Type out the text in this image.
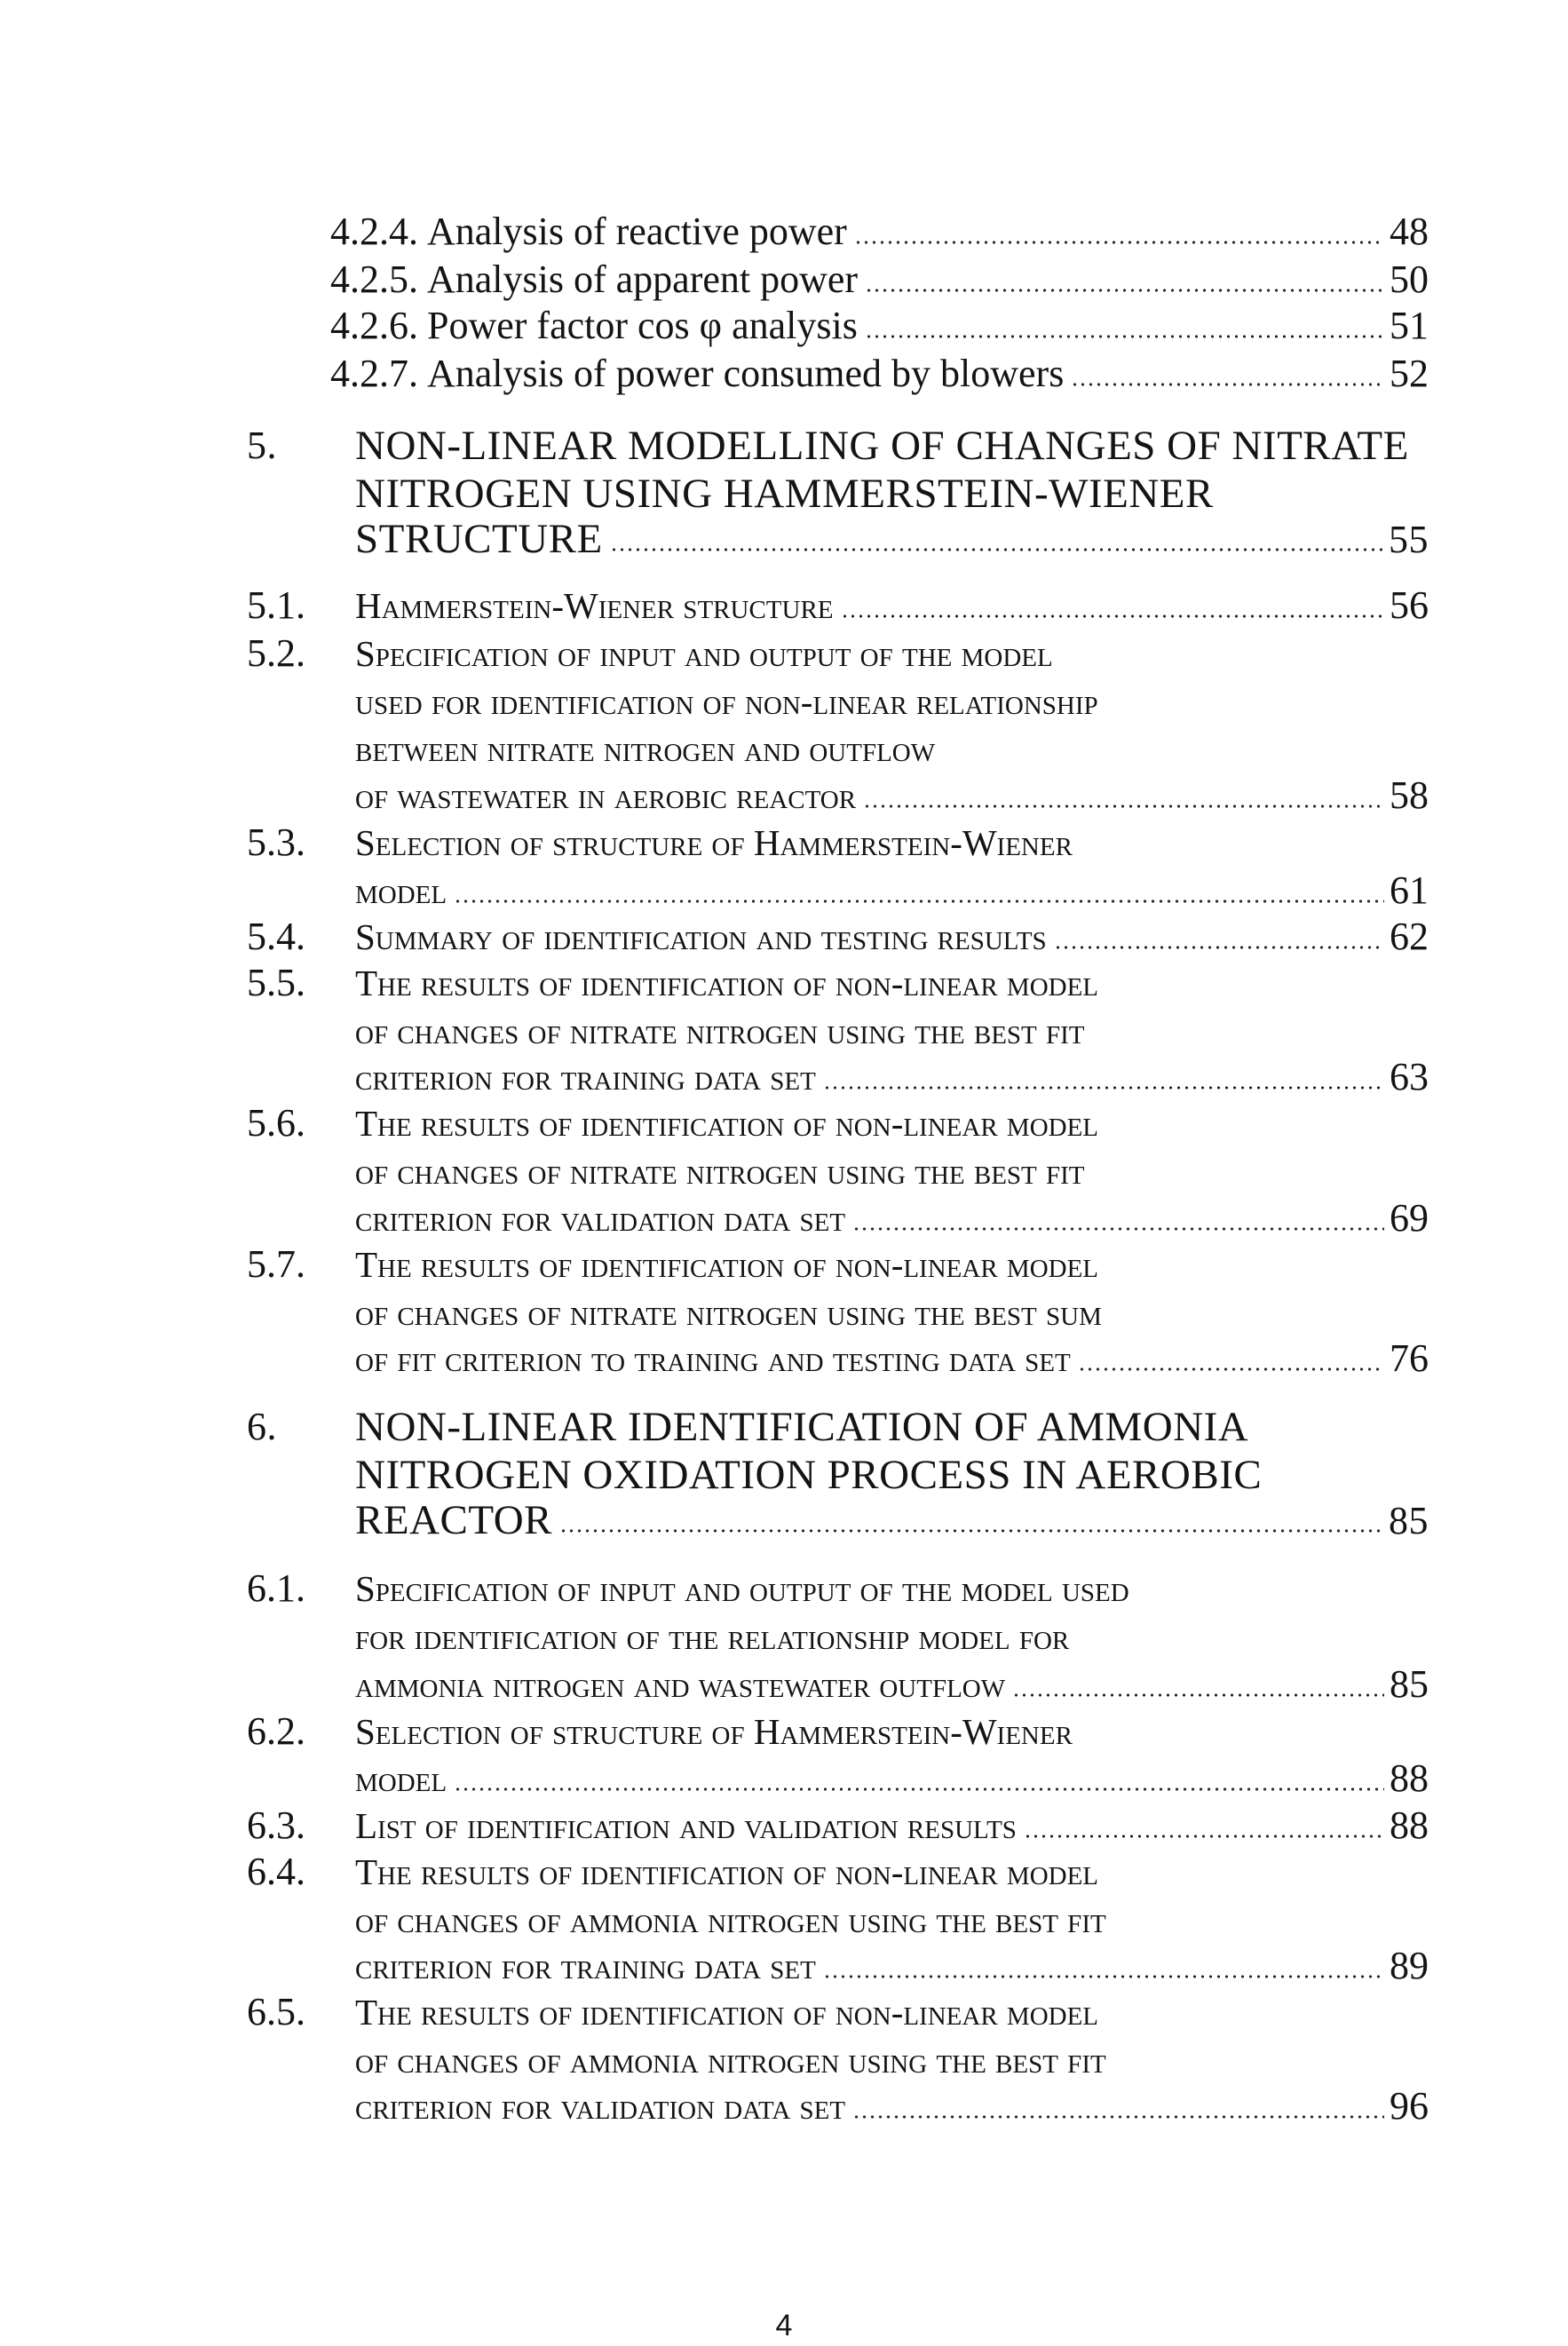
4.2.4. Analysis of reactive power	48
4.2.5. Analysis of apparent power	50
4.2.6. Power factor cos φ analysis	51
4.2.7. Analysis of power consumed by blowers	52
5. NON-LINEAR MODELLING OF CHANGES OF NITRATE
NITROGEN USING HAMMERSTEIN-WIENER
STRUCTURE	55
5.1. Hammerstein-Wiener structure	56
5.2. Specification of input and output of the model
used for identification of non-linear relationship
between nitrate nitrogen and outflow
of wastewater in aerobic reactor	58
5.3. Selection of structure of Hammerstein-Wiener
model	61
5.4. Summary of identification and testing results	62
5.5. The results of identification of non-linear model
of changes of nitrate nitrogen using the best fit
criterion for training data set	63
5.6. The results of identification of non-linear model
of changes of nitrate nitrogen using the best fit
criterion for validation data set	69
5.7. The results of identification of non-linear model
of changes of nitrate nitrogen using the best sum
of fit criterion to training and testing data set	76
6. NON-LINEAR IDENTIFICATION OF AMMONIA
NITROGEN OXIDATION PROCESS IN AEROBIC
REACTOR	85
6.1. Specification of input and output of the model used
for identification of the relationship model for
ammonia nitrogen and wastewater outflow	85
6.2. Selection of structure of Hammerstein-Wiener
model	88
6.3. List of identification and validation results	88
6.4. The results of identification of non-linear model
of changes of ammonia nitrogen using the best fit
criterion for training data set	89
6.5. The results of identification of non-linear model
of changes of ammonia nitrogen using the best fit
criterion for validation data set	96
4
